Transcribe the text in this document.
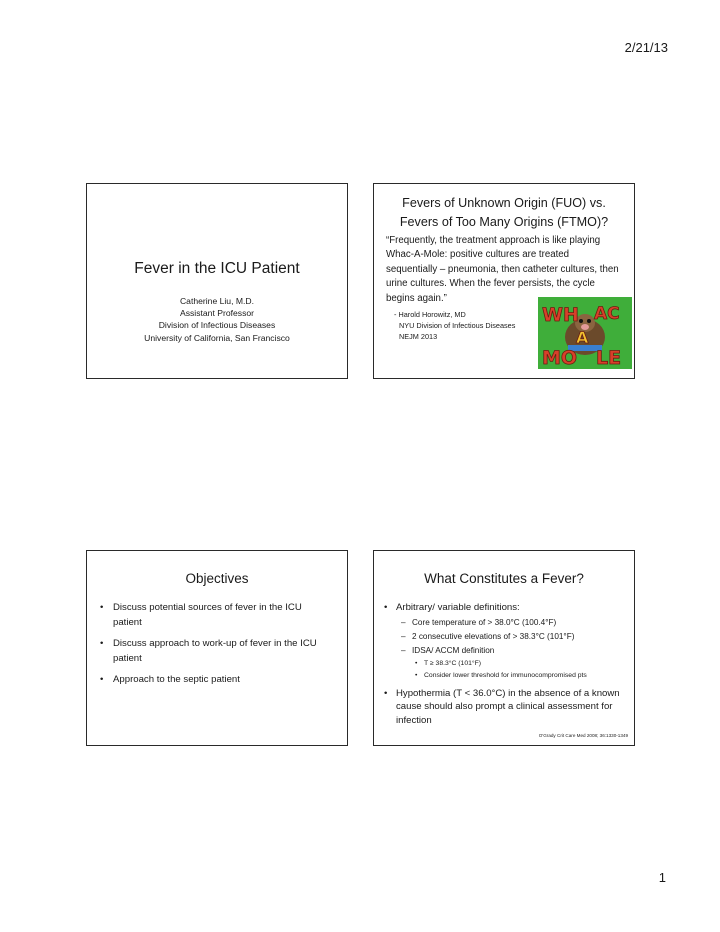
2/21/13
Fever in the ICU Patient
Catherine Liu, M.D.
Assistant Professor
Division of Infectious Diseases
University of California, San Francisco
Fevers of Unknown Origin (FUO) vs.
Fevers of Too Many Origins (FTMO)?
“Frequently, the treatment approach is like playing Whac-A-Mole: positive cultures are treated sequentially – pneumonia, then catheter cultures, then urine cultures. When the fever persists, the cycle begins again.”
- Harold Horowitz, MD
NYU Division of Infectious Diseases
NEJM 2013
WH AC
A
MO LE
Objectives
• Discuss potential sources of fever in the ICU patient
• Discuss approach to work-up of fever in the ICU patient
• Approach to the septic patient
What Constitutes a Fever?
• Arbitrary/ variable definitions:
– Core temperature of > 38.0°C (100.4°F)
– 2 consecutive elevations of > 38.3°C (101°F)
– IDSA/ ACCM definition
• T ≥ 38.3°C (101°F)
• Consider lower threshold for immunocompromised pts
• Hypothermia (T < 36.0°C) in the absence of a known cause should also prompt a clinical assessment for infection
O'Grady Crit Care Med 2008; 36:1330-1349
1
